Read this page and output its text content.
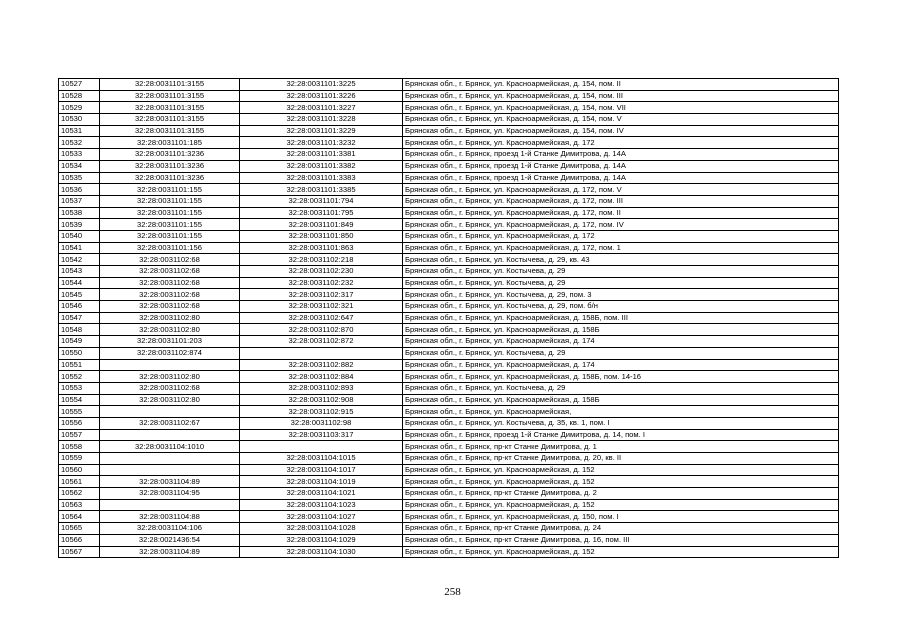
10527	32:28:0031101:3155	32:28:0031101:3225	Брянская обл., г. Брянск, ул. Красноармейская, д. 154, пом. II
10528	32:28:0031101:3155	32:28:0031101:3226	Брянская обл., г. Брянск, ул. Красноармейская, д. 154, пом. III
10529	32:28:0031101:3155	32:28:0031101:3227	Брянская обл., г. Брянск, ул. Красноармейская, д. 154, пом. VII
10530	32:28:0031101:3155	32:28:0031101:3228	Брянская обл., г. Брянск, ул. Красноармейская, д. 154, пом. V
10531	32:28:0031101:3155	32:28:0031101:3229	Брянская обл., г. Брянск, ул. Красноармейская, д. 154, пом. IV
10532	32:28:0031101:185	32:28:0031101:3232	Брянская обл., г. Брянск, ул. Красноармейская, д. 172
10533	32:28:0031101:3236	32:28:0031101:3381	Брянская обл., г. Брянск, проезд 1-й Станке Димитрова, д. 14А
10534	32:28:0031101:3236	32:28:0031101:3382	Брянская обл., г. Брянск, проезд 1-й Станке Димитрова, д. 14А
10535	32:28:0031101:3236	32:28:0031101:3383	Брянская обл., г. Брянск, проезд 1-й Станке Димитрова, д. 14А
10536	32:28:0031101:155	32:28:0031101:3385	Брянская обл., г. Брянск, ул. Красноармейская, д. 172, пом. V
10537	32:28:0031101:155	32:28:0031101:794	Брянская обл., г. Брянск, ул. Красноармейская, д. 172, пом. III
10538	32:28:0031101:155	32:28:0031101:795	Брянская обл., г. Брянск, ул. Красноармейская, д. 172, пом. II
10539	32:28:0031101:155	32:28:0031101:849	Брянская обл., г. Брянск, ул. Красноармейская, д. 172, пом. IV
10540	32:28:0031101:155	32:28:0031101:850	Брянская обл., г. Брянск, ул. Красноармейская, д. 172
10541	32:28:0031101:156	32:28:0031101:863	Брянская обл., г. Брянск, ул. Красноармейская, д. 172, пом. 1
10542	32:28:0031102:68	32:28:0031102:218	Брянская обл., г. Брянск, ул. Костычева, д. 29, кв. 43
10543	32:28:0031102:68	32:28:0031102:230	Брянская обл., г. Брянск, ул. Костычева, д. 29
10544	32:28:0031102:68	32:28:0031102:232	Брянская обл., г. Брянск, ул. Костычева, д. 29
10545	32:28:0031102:68	32:28:0031102:317	Брянская обл., г. Брянск, ул. Костычева, д. 29, пом. 3
10546	32:28:0031102:68	32:28:0031102:321	Брянская обл., г. Брянск, ул. Костычева, д. 29, пом. б/н
10547	32:28:0031102:80	32:28:0031102:647	Брянская обл., г. Брянск, ул. Красноармейская, д. 158Б, пом. III
10548	32:28:0031102:80	32:28:0031102:870	Брянская обл., г. Брянск, ул. Красноармейская, д. 158Б
10549	32:28:0031101:203	32:28:0031102:872	Брянская обл., г. Брянск, ул. Красноармейская, д. 174
10550	32:28:0031102:874		Брянская обл., г. Брянск, ул. Костычева, д. 29
10551		32:28:0031102:882	Брянская обл., г. Брянск, ул. Красноармейская, д. 174
10552	32:28:0031102:80	32:28:0031102:884	Брянская обл., г. Брянск, ул. Красноармейская, д. 158Б, пом. 14-16
10553	32:28:0031102:68	32:28:0031102:893	Брянская обл., г. Брянск, ул. Костычева, д. 29
10554	32:28:0031102:80	32:28:0031102:908	Брянская обл., г. Брянск, ул. Красноармейская, д. 158Б
10555		32:28:0031102:915	Брянская обл., г. Брянск, ул. Красноармейская,
10556	32:28:0031102:67	32:28:0031102:98	Брянская обл., г. Брянск, ул. Костычева, д. 35, кв. 1, пом. I
10557		32:28:0031103:317	Брянская обл., г. Брянск, проезд 1-й Станке Димитрова, д. 14, пом. I
10558	32:28:0031104:1010		Брянская обл., г. Брянск, пр-кт Станке Димитрова, д. 1
10559		32:28:0031104:1015	Брянская обл., г. Брянск, пр-кт Станке Димитрова, д. 20, кв. II
10560		32:28:0031104:1017	Брянская обл., г. Брянск, ул. Красноармейская, д. 152
10561	32:28:0031104:89	32:28:0031104:1019	Брянская обл., г. Брянск, ул. Красноармейская, д. 152
10562	32:28:0031104:95	32:28:0031104:1021	Брянская обл., г. Брянск, пр-кт Станке Димитрова, д. 2
10563		32:28:0031104:1023	Брянская обл., г. Брянск, ул. Красноармейская, д. 152
10564	32:28:0031104:88	32:28:0031104:1027	Брянская обл., г. Брянск, ул. Красноармейская, д. 150, пом. I
10565	32:28:0031104:106	32:28:0031104:1028	Брянская обл., г. Брянск, пр-кт Станке Димитрова, д. 24
10566	32:28:0021436:54	32:28:0031104:1029	Брянская обл., г. Брянск, пр-кт Станке Димитрова, д. 16, пом. III
10567	32:28:0031104:89	32:28:0031104:1030	Брянская обл., г. Брянск, ул. Красноармейская, д. 152
258
